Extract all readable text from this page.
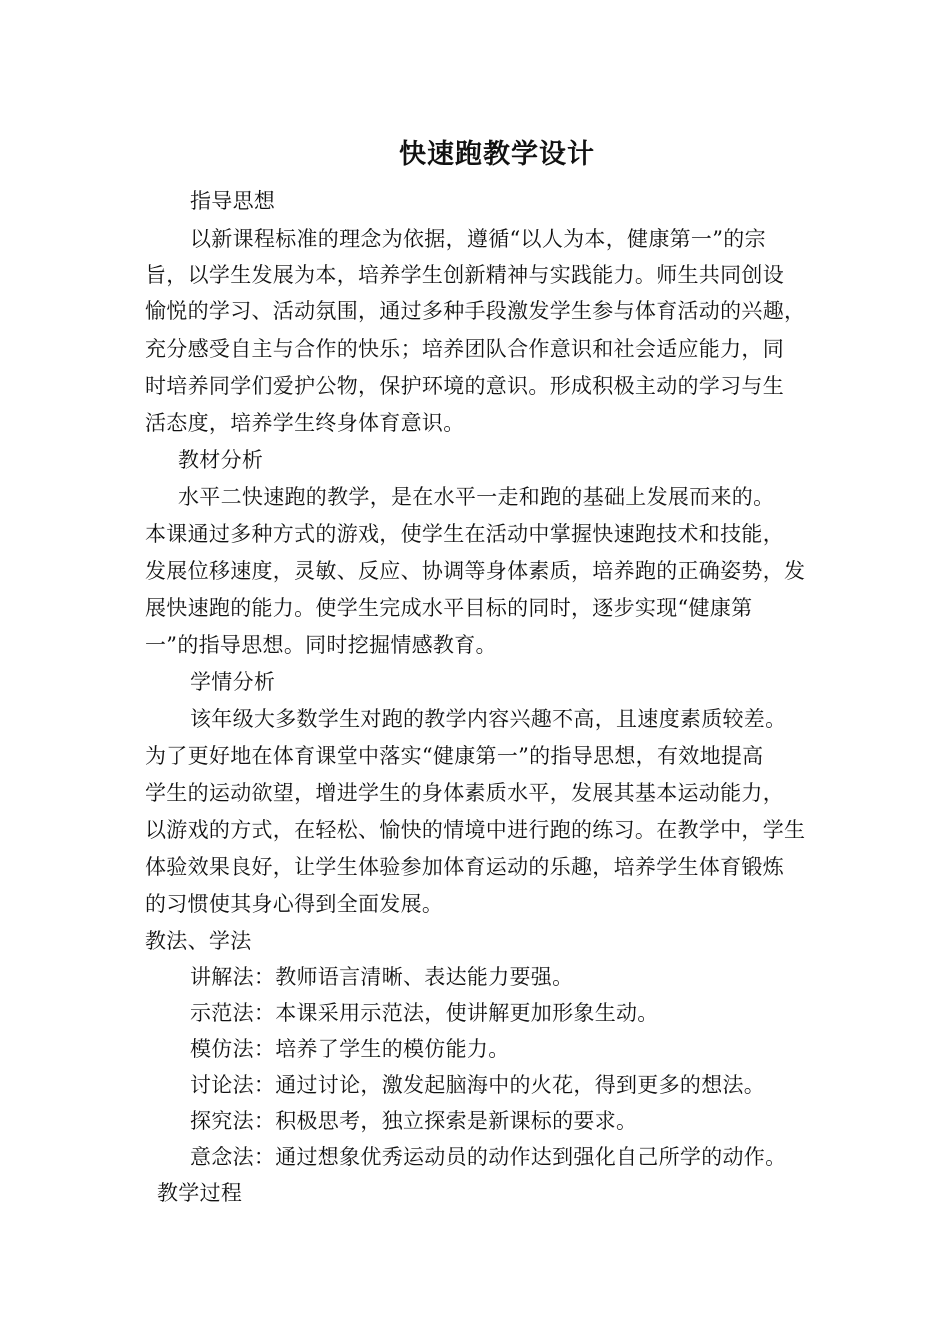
快速跑教学设计
指导思想
以新课程标准的理念为依据，遵循“以人为本，健康第一”的宗
旨，以学生发展为本，培养学生创新精神与实践能力。师生共同创设
愉悦的学习、活动氛围，通过多种手段激发学生参与体育活动的兴趣，
充分感受自主与合作的快乐；培养团队合作意识和社会适应能力，同
时培养同学们爱护公物，保护环境的意识。形成积极主动的学习与生
活态度，培养学生终身体育意识。
教材分析
水平二快速跑的教学，是在水平一走和跑的基础上发展而来的。
本课通过多种方式的游戏，使学生在活动中掌握快速跑技术和技能，
发展位移速度，灵敏、反应、协调等身体素质，培养跑的正确姿势，发
展快速跑的能力。使学生完成水平目标的同时，逐步实现“健康第
一”的指导思想。同时挖掘情感教育。
学情分析
该年级大多数学生对跑的教学内容兴趣不高，且速度素质较差。
为了更好地在体育课堂中落实“健康第一”的指导思想，有效地提高
学生的运动欲望，增进学生的身体素质水平，发展其基本运动能力，
以游戏的方式，在轻松、愉快的情境中进行跑的练习。在教学中，学生
体验效果良好，让学生体验参加体育运动的乐趣，培养学生体育锻炼
的习惯使其身心得到全面发展。
教法、学法
讲解法：教师语言清晰、表达能力要强。
示范法：本课采用示范法，使讲解更加形象生动。
模仿法：培养了学生的模仿能力。
讨论法：通过讨论，激发起脑海中的火花，得到更多的想法。
探究法：积极思考，独立探索是新课标的要求。
意念法：通过想象优秀运动员的动作达到强化自己所学的动作。
教学过程
